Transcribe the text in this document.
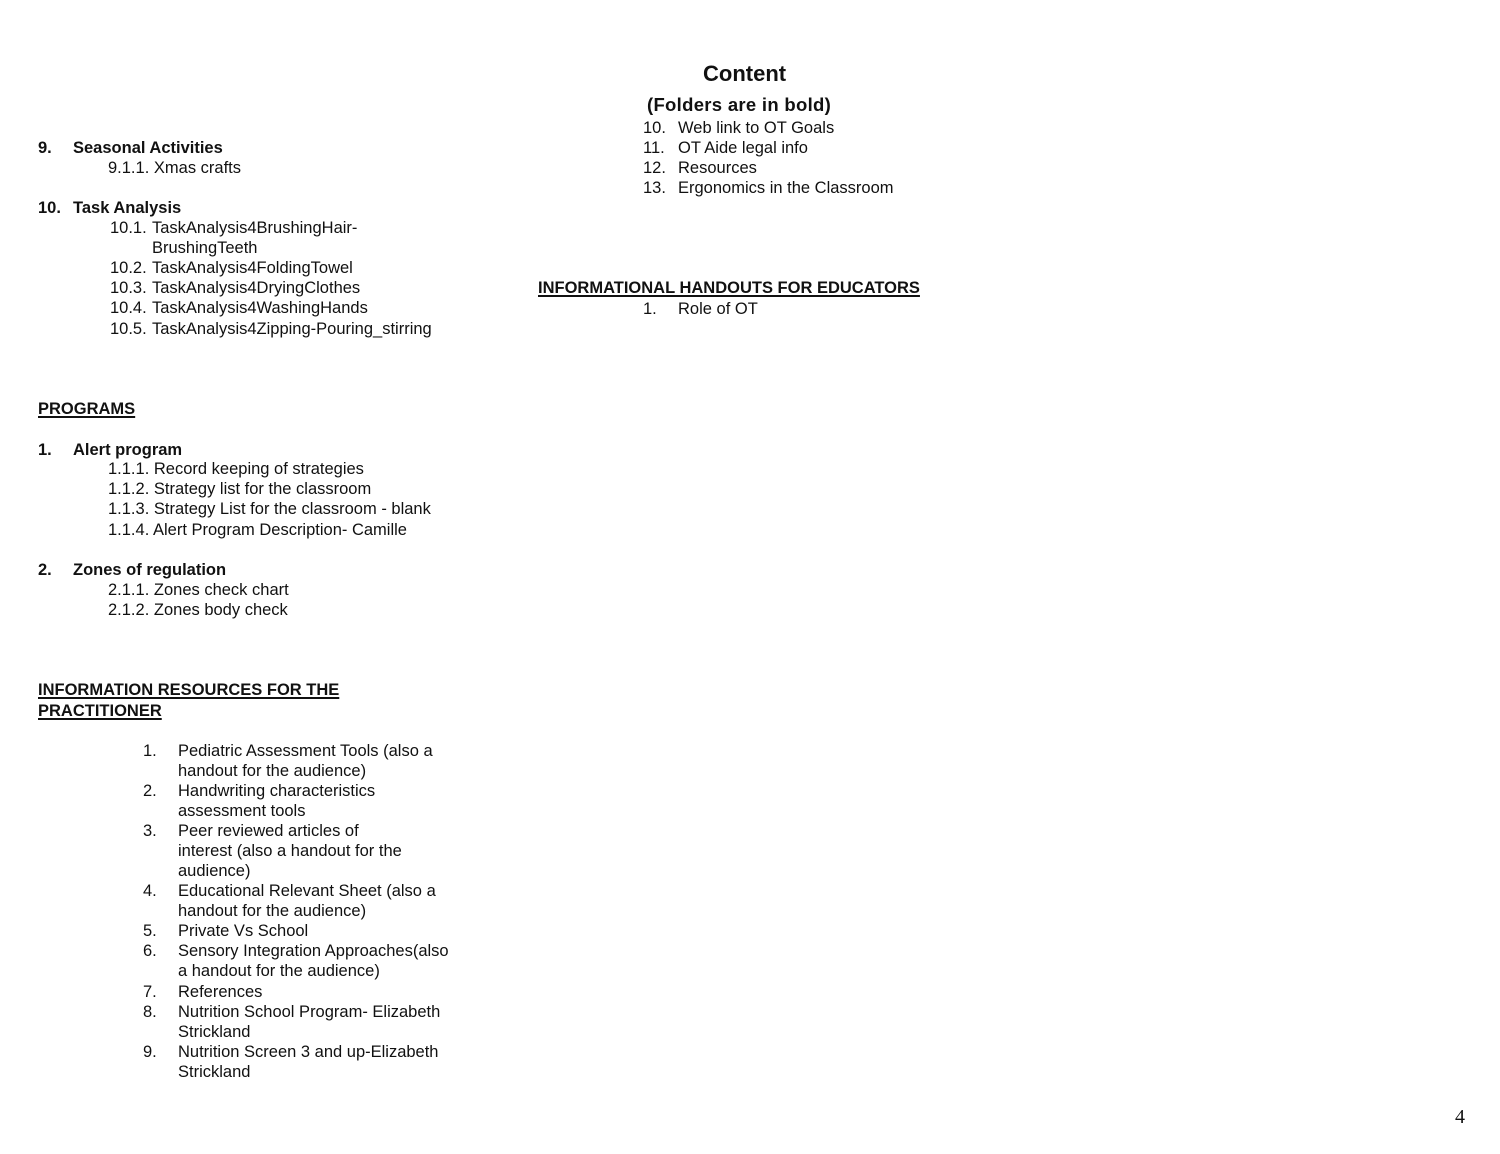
Content
(Folders are in bold)
10. Web link to OT Goals
11. OT Aide legal info
12. Resources
13. Ergonomics in the Classroom
INFORMATIONAL HANDOUTS FOR EDUCATORS
1. Role of OT
9. Seasonal Activities
9.1.1. Xmas crafts
10. Task Analysis
10.1. TaskAnalysis4BrushingHair-
BrushingTeeth
10.2. TaskAnalysis4FoldingTowel
10.3. TaskAnalysis4DryingClothes
10.4. TaskAnalysis4WashingHands
10.5. TaskAnalysis4Zipping-Pouring_stirring
PROGRAMS
1. Alert program
1.1.1. Record keeping of strategies
1.1.2. Strategy list for the classroom
1.1.3. Strategy List for the classroom - blank
1.1.4. Alert Program Description- Camille
2. Zones of regulation
2.1.1. Zones check chart
2.1.2. Zones body check
INFORMATION RESOURCES FOR THE
PRACTITIONER
1. Pediatric Assessment Tools (also a
handout for the audience)
2. Handwriting characteristics
assessment tools
3. Peer reviewed articles of
interest (also a handout for the
audience)
4. Educational Relevant Sheet (also a
handout for the audience)
5. Private Vs School
6. Sensory Integration Approaches(also
a handout for the audience)
7. References
8. Nutrition School Program- Elizabeth
Strickland
9. Nutrition Screen 3 and up-Elizabeth
Strickland
4
